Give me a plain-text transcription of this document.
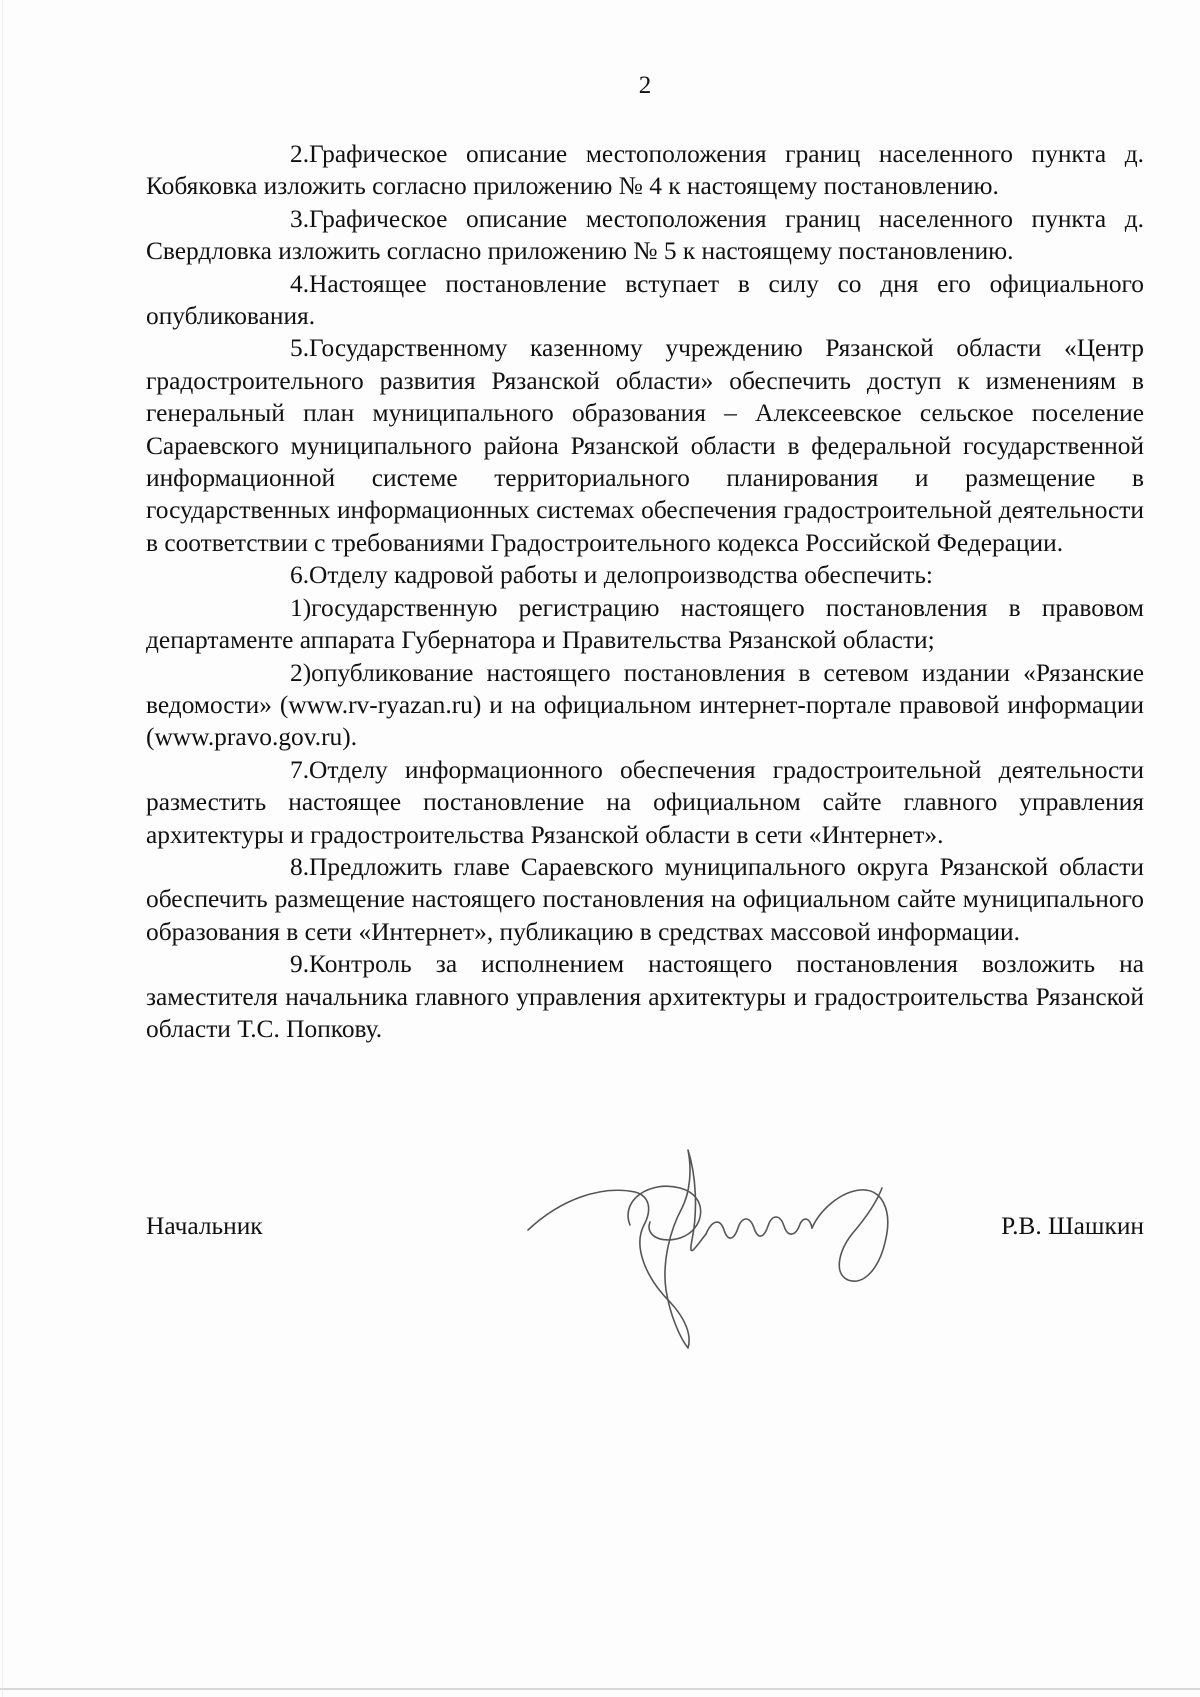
2

2.Графическое описание местоположения границ населенного пункта д. Кобяковка изложить согласно приложению № 4 к настоящему постановлению.

3.Графическое описание местоположения границ населенного пункта д. Свердловка изложить согласно приложению № 5 к настоящему постановлению.

4.Настоящее постановление вступает в силу со дня его официального опубликования.

5.Государственному казенному учреждению Рязанской области «Центр градостроительного развития Рязанской области» обеспечить доступ к изменениям в генеральный план муниципального образования – Алексеевское сельское поселение Сараевского муниципального района Рязанской области в федеральной государственной информационной системе территориального планирования и размещение в государственных информационных системах обеспечения градостроительной деятельности в соответствии с требованиями Градостроительного кодекса Российской Федерации.

6.Отделу кадровой работы и делопроизводства обеспечить:

1)государственную регистрацию настоящего постановления в правовом департаменте аппарата Губернатора и Правительства Рязанской области;

2)опубликование настоящего постановления в сетевом издании «Рязанские ведомости» (www.rv-ryazan.ru) и на официальном интернет-портале правовой информации (www.pravo.gov.ru).

7.Отделу информационного обеспечения градостроительной деятельности разместить настоящее постановление на официальном сайте главного управления архитектуры и градостроительства Рязанской области в сети «Интернет».

8.Предложить главе Сараевского муниципального округа Рязанской области обеспечить размещение настоящего постановления на официальном сайте муниципального образования в сети «Интернет», публикацию в средствах массовой информации.

9.Контроль за исполнением настоящего постановления возложить на заместителя начальника главного управления архитектуры и градостроительства Рязанской области Т.С. Попкову.

Начальник	Р.В. Шашкин
